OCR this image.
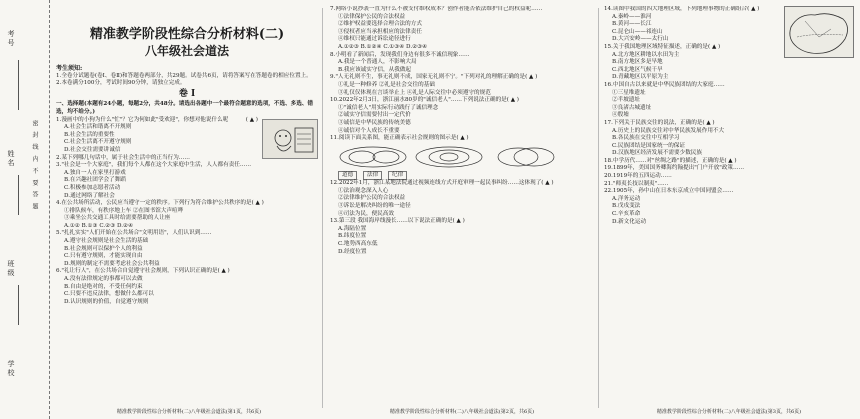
考号
姓名
班级
学校
密 封 线 内 不 要 答 题
精准教学阶段性综合分析材料(二)
八年级社会道法
考生须知:
1.全卷分试题卷(卷Ⅰ、卷Ⅱ)和答题卷两部分，共29题。试卷共6页，请将答案写在答题卷的相应位置上。
2.本卷满分100分，考试时间90分钟，请独立完成。
卷 Ⅰ
一、选择题(本题有24小题，每题2分，共48分。请选出各题中一个最符合题意的选项，不选、多选、错选，均不给分。)
1.漫画中的小狗为什么"忙"？它为何如此"受欢迎"，你想对他说什么呢	( ▲ )
A.社会生活和谐离不开规则
B.社会生活的重要性
C.社会生活离不开遵守规则
D.社会交往需要讲诚信
2.某下列哪几句话中，属于社会生活中的正当行为……
3."社会是一个大家庭"，我们每个人都在这个大家庭中生活，人人都有责任……
A.独自一人在家里打游戏
B.在兴趣社团学会了舞蹈
C.积极参加志愿者活动
D.通过网络了解社会
4.在公共场所活动，公民应当遵守一定的秩序。下列行为符合维护公共秩序的是( ▲ )
①排队候车，有秩序地上车 ②在图书馆大声喧哗
③乘坐公共交通工具时给需要帮助的人让座
A.①② B.①③ C.②③ D.②④
5."扎扎实实"人们开始在公共场合"文明用语"，人们认识到……
A.遵守社会规则是社会生活的基础
B.社会规则可以保护个人的利益
C.只有遵守规则，才能实现自由
D.规则的制定不需要考虑社会公共利益
6."礼让行人"，在公共场合自觉遵守社会规则，下列认识正确的是( ▲ )
A.没有法律规定的事都可以去做
B.自由是绝对的，不受任何约束
C.只要不违反法律，想做什么都可以
D.认识规则的价值，自觉遵守规则
精准教学阶段性综合分析材料(二)八年级社会道法(第1页，共6页)
7.网络小说抄袭一直为什么不被支付维权成本？创作者能否依法维护自己的权益呢……
①法律保护公民的合法权益
②维护权益要选择合理合法的方式
③侵权者应当承担相应的法律责任
④维权只能通过诉讼途径进行
A.①②③ B.①②④ C.①③④ D.②③④
8.小明看了新闻后，发现我们身边有很多不诚信现象……
A.我是一个普通人，不影响大局
B.我应该诚实守信，从我做起
9."人无礼则不生，事无礼则不成，国家无礼则不宁。"下列对礼的理解正确的是( ▲ )
①礼是一种修养 ②礼是社会交往的基础
③礼仅仅体现在言谈举止上 ④礼是人际交往中必须遵守的规范
10.2022年2月3日，浙江丽水80岁的"诚信老人"……下列说法正确的是( ▲ )
①"诚信老人"用实际行动践行了诚信理念
②诚实守信需要付出一定代价
③诚信是中华民族的传统美德
④诚信对个人成长不重要
11.阅读下面关系图，能正确表示社会规则的图示是( ▲ )
道德 法律 纪律
12.2022年1月，浙江某地法院通过视频连线方式开庭审理一起民事纠纷……这体现了( ▲ )
①法治观念深入人心
②法律维护公民的合法权益
③诉讼是解决纠纷的唯一途径
④司法为民，便民高效
13.第三段 我国海岸线漫长……以下说法正确的是( ▲ )
A.海陆位置
B.纬度位置
C.地势西高东低
D.经度位置
精准教学阶段性综合分析材料(二)八年级社会道法(第2页，共6页)
14.读图中我国的四大地理区域，下列地理事物的正确组合( ▲ )
A.秦岭——淮河
B.黄河——长江
C.昆仑山——祁连山
D.大兴安岭——太行山
15.关于我国地理区域特征描述，正确的是( ▲ )
A.北方地区耕地以水田为主
B.南方地区多是旱地
C.西北地区气候干旱
D.青藏地区以平原为主
16.中国自古以来就是中华民族团结的大家庭……
①三星堆遗址
②半坡遗址
③良渚古城遗址
④殷墟
17.下列关于民族交往的说法，正确的是( ▲ )
A.历史上的民族交往对中华民族发展作用不大
B.各民族在交往中互相学习
C.民族团结是国家统一的保证
D.汉族地区经济发展不需要少数民族
18.中学历代……对"丝绸之路"的描述，正确的是( ▲ )
19.1899年，美国国务卿海约翰提出"门户开放"政策……
20.1919年的五四运动……
21."师夷长技以制夷"……
22.1905年，孙中山在日本东京成立中国同盟会……
A.洋务运动
B.戊戌变法
C.辛亥革命
D.新文化运动
精准教学阶段性综合分析材料(二)八年级社会道法(第3页，共6页)
